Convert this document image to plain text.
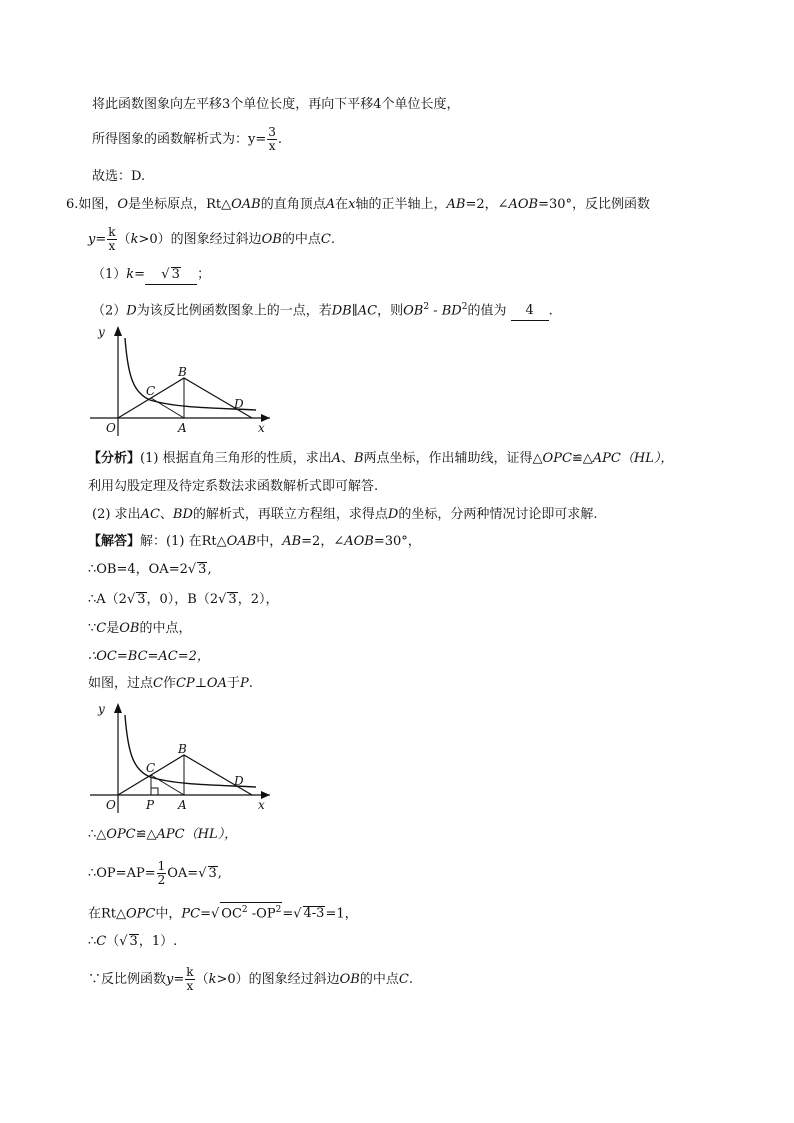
将此函数图象向左平移3个单位长度，再向下平移4个单位长度，
所得图象的函数解析式为：$y= \frac{3}{x}$ .
故选：D.
6.如图，O是坐标原点，Rt△OAB的直角顶点A在x轴的正半轴上，AB=2，∠AOB=30°，反比例函数
$y= \frac{k}{x} (k>0)$的图象经过斜边OB的中点C.
（1）k= √ 3 ；
（2）D为该反比例函数图象上的一点，若DB∥AC，则$OB^2 - BD^2$的值为 4 .
y
O	A
B
C
D
x
【分析】(1) 根据直角三角形的性质，求出A、B两点坐标，作出辅助线，证得△OPC≌△APC（HL），
利用勾股定理及待定系数法求函数解析式即可解答.
(2) 求出AC、BD的解析式，再联立方程组，求得点D的坐标，分两种情况讨论即可求解.
【解答】解：(1) 在Rt△OAB中，AB=2，∠AOB=30°，
∴OB=4，OA=2√ 3,
∴A（2√ 3，0），B（2√ 3，2），
∵C是OB的中点，
∴OC=BC=AC=2，
如图，过点C作CP⊥OA于P.
y
O	P A
B
C
D
x
∴△OPC≌△APC（HL），
∴OP=AP= $\frac{1}{2} OA=√$ 3,
在Rt△OPC中，PC=√ $OC^2$ $-OP^2=√$ 4-3=1，
∴C（√ 3，1）.
∵反比例函数$y= \frac{k}{x} (k>0)$的图象经过斜边OB的中点C.
